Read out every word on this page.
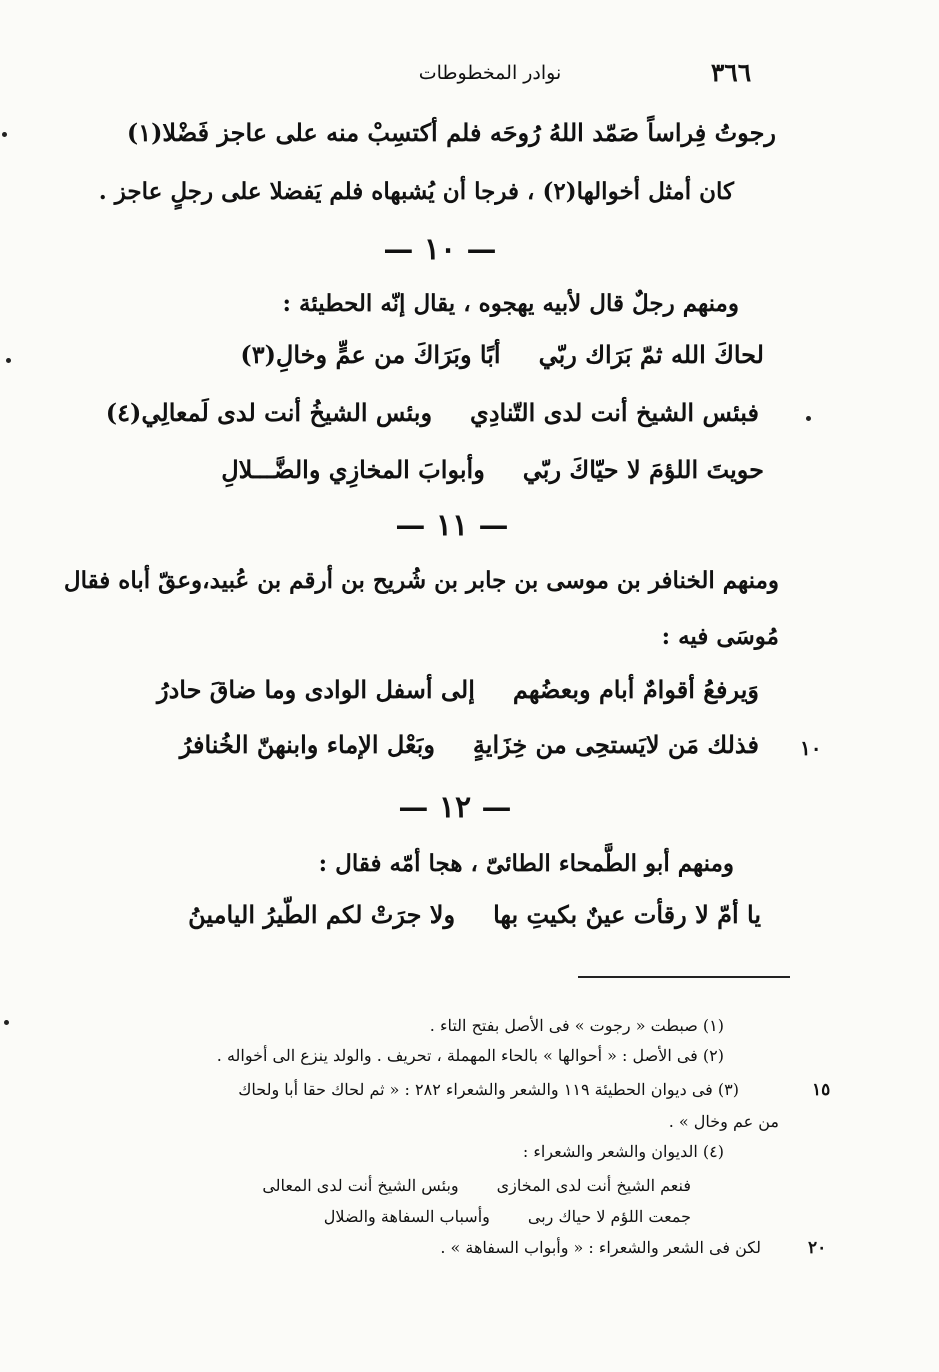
٣٦٦
نوادر المخطوطات
رجوتُ فِراساً صَمّد اللهُ رُوحَه فلم أكتسِبْ منه على عاجز فَضْلا(١)
كان أمثل أخوالها(٢) ، فرجا أن يُشبهاه فلم يَفضلا على رجلٍ عاجز .
— ١٠ —
ومنهم رجلٌ قال لأبيه يهجوه ، يقال إنّه الحطيئة :
لحاكَ الله ثمّ بَرَاك ربّيأبًا وبَرَاكَ من عمٍّ وخالِ(٣)
فبئس الشيخ أنت لدى التّنادِيوبئس الشيخُ أنت لدى لَمعالِي(٤)
حويتَ اللؤمَ لا حيّاكَ ربّيوأبوابَ المخازِي والضَّـــلالِ
— ١١ —
ومنهم الخنافر بن موسى بن جابر بن شُريح بن أرقم بن عُبيد،وعقّ أباه فقال
مُوسَى فيه :
وَيرفعُ أقوامٌ أبام وبعضُهمإلى أسفل الوادى وما ضاقَ حادرُ
فذلك مَن لايَستحِى من خِزَايةٍوبَعْل الإماء وابنهنّ الخُنافرُ	١٠
— ١٢ —
ومنهم أبو الطَّمحاء الطائىّ ، هجا أمّه فقال :
يا أمّ لا رقأت عينٌ بكيتِ بهاولا جرَتْ لكم الطّيرُ اليامينُ
(١) صبطت « رجوت » فى الأصل بفتح التاء .
(٢) فى الأصل : « أحوالها » بالحاء المهملة ، تحريف . والولد ينزع الى أخواله .
(٣) فى ديوان الحطيئة ١١٩ والشعر والشعراء ٢٨٢ : « ثم لحاك حقا أبا ولحاك	١٥
من عم وخال » .
(٤) الديوان والشعر والشعراء :
فنعم الشيخ أنت لدى المخازىوبئس الشيخ أنت لدى المعالى
جمعت اللؤم لا حياك ربىوأسباب السفاهة والضلال
لكن فى الشعر والشعراء : « وأبواب السفاهة » .	٢٠
